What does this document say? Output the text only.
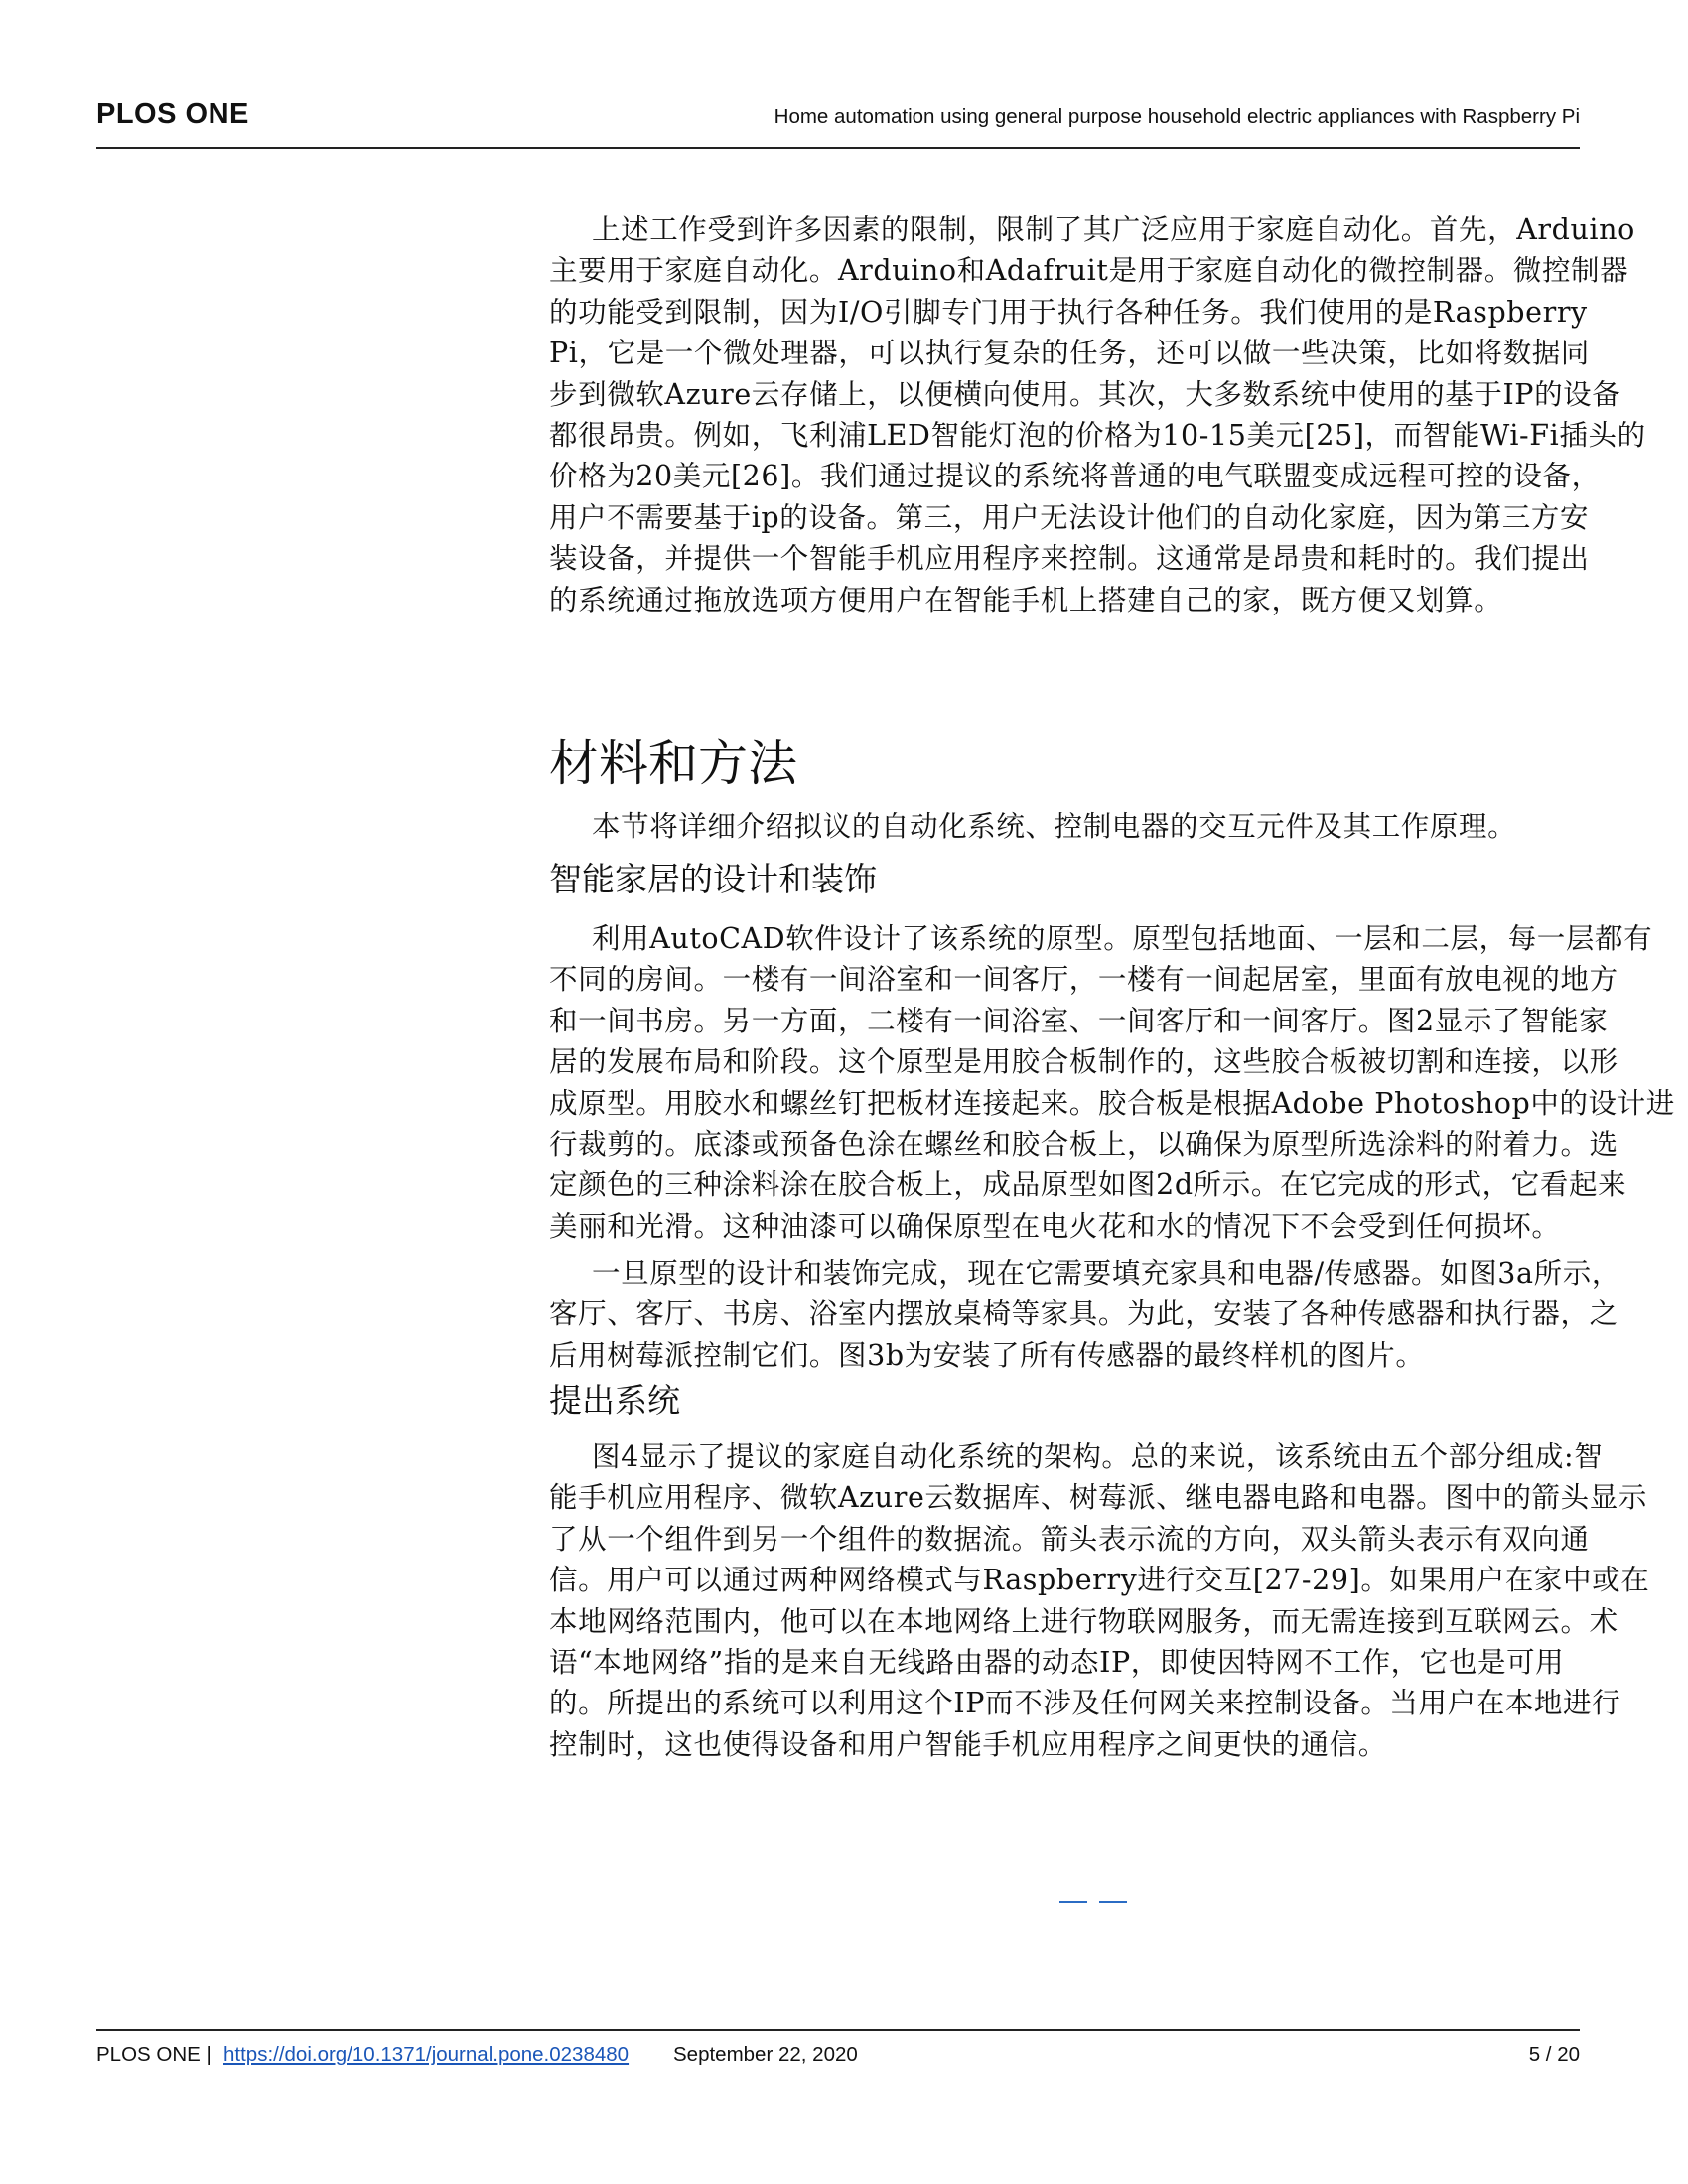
PLOS ONE	Home automation using general purpose household electric appliances with Raspberry Pi
上述工作受到许多因素的限制，限制了其广泛应用于家庭自动化。首先，Arduino
主要用于家庭自动化。Arduino和Adafruit是用于家庭自动化的微控制器。微控制器
的功能受到限制，因为I/O引脚专门用于执行各种任务。我们使用的是Raspberry
Pi，它是一个微处理器，可以执行复杂的任务，还可以做一些决策，比如将数据同
步到微软Azure云存储上，以便横向使用。其次，大多数系统中使用的基于IP的设备
都很昂贵。例如，飞利浦LED智能灯泡的价格为10-15美元[25]，而智能Wi-Fi插头的
价格为20美元[26]。我们通过提议的系统将普通的电气联盟变成远程可控的设备，
用户不需要基于ip的设备。第三，用户无法设计他们的自动化家庭，因为第三方安
装设备，并提供一个智能手机应用程序来控制。这通常是昂贵和耗时的。我们提出
的系统通过拖放选项方便用户在智能手机上搭建自己的家，既方便又划算。
材料和方法
本节将详细介绍拟议的自动化系统、控制电器的交互元件及其工作原理。
智能家居的设计和装饰
利用AutoCAD软件设计了该系统的原型。原型包括地面、一层和二层，每一层都有
不同的房间。一楼有一间浴室和一间客厅，一楼有一间起居室，里面有放电视的地方
和一间书房。另一方面，二楼有一间浴室、一间客厅和一间客厅。图2显示了智能家
居的发展布局和阶段。这个原型是用胶合板制作的，这些胶合板被切割和连接，以形
成原型。用胶水和螺丝钉把板材连接起来。胶合板是根据Adobe Photoshop中的设计进
行裁剪的。底漆或预备色涂在螺丝和胶合板上，以确保为原型所选涂料的附着力。选
定颜色的三种涂料涂在胶合板上，成品原型如图2d所示。在它完成的形式，它看起来
美丽和光滑。这种油漆可以确保原型在电火花和水的情况下不会受到任何损坏。
一旦原型的设计和装饰完成，现在它需要填充家具和电器/传感器。如图3a所示，
客厅、客厅、书房、浴室内摆放桌椅等家具。为此，安装了各种传感器和执行器，之
后用树莓派控制它们。图3b为安装了所有传感器的最终样机的图片。
提出系统
图4显示了提议的家庭自动化系统的架构。总的来说，该系统由五个部分组成:智
能手机应用程序、微软Azure云数据库、树莓派、继电器电路和电器。图中的箭头显示
了从一个组件到另一个组件的数据流。箭头表示流的方向，双头箭头表示有双向通
信。用户可以通过两种网络模式与Raspberry进行交互[27-29]。如果用户在家中或在
本地网络范围内，他可以在本地网络上进行物联网服务，而无需连接到互联网云。术
语“本地网络”指的是来自无线路由器的动态IP，即使因特网不工作，它也是可用
的。所提出的系统可以利用这个IP而不涉及任何网关来控制设备。当用户在本地进行
控制时，这也使得设备和用户智能手机应用程序之间更快的通信。
PLOS ONE | https://doi.org/10.1371/journal.pone.0238480 September 22, 2020	5 / 20
